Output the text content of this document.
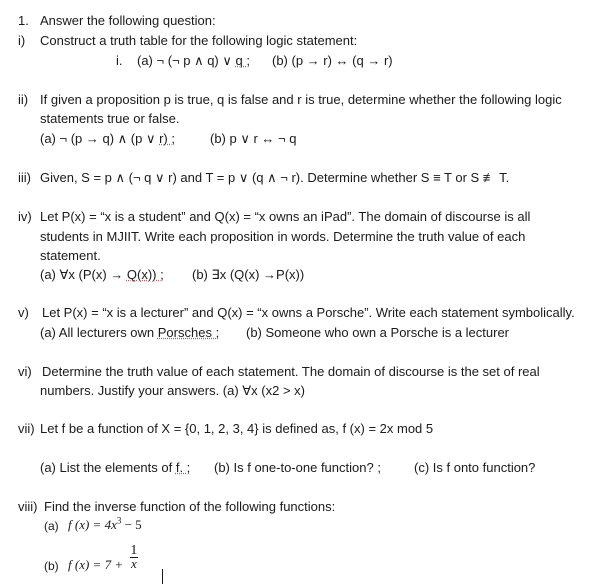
1. Answer the following question:
i) Construct a truth table for the following logic statement:
i. (a) ¬ (¬ p ∧ q) ∨ q ; (b) (p → r) ↔ (q → r)
ii) If given a proposition p is true, q is false and r is true, determine whether the following logic
statements true or false.
(a) ¬ (p → q) ∧ (p ∨ r) ;	(b) p ∨ r ↔ ¬ q
iii) Given, S = p ∧ (¬ q ∨ r) and T = p ∨ (q ∧ ¬ r). Determine whether S ≡ T or S ≢ T.
iv) Let P(x) = “x is a student” and Q(x) = “x owns an iPad”. The domain of discourse is all
students in MJIIT. Write each proposition in words. Determine the truth value of each
statement.
(a) ∀x (P(x) → Q(x)) ; (b) ∃x (Q(x) →P(x))
v) Let P(x) = “x is a lecturer” and Q(x) = “x owns a Porsche”. Write each statement symbolically.
(a) All lecturers own Porsches ; (b) Someone who own a Porsche is a lecturer
vi) Determine the truth value of each statement. The domain of discourse is the set of real
numbers. Justify your answers. (a) ∀x (x2 > x)
vii) Let f be a function of X = {0, 1, 2, 3, 4} is defined as, f (x) = 2x mod 5
(a) List the elements of f. ; (b) Is f one-to-one function? ;	(c) Is f onto function?
viii) Find the inverse function of the following functions:
(a) f $(x) = 4x^3 - 5$
(b) f $(x) = 7 + \frac{1}{x}$
